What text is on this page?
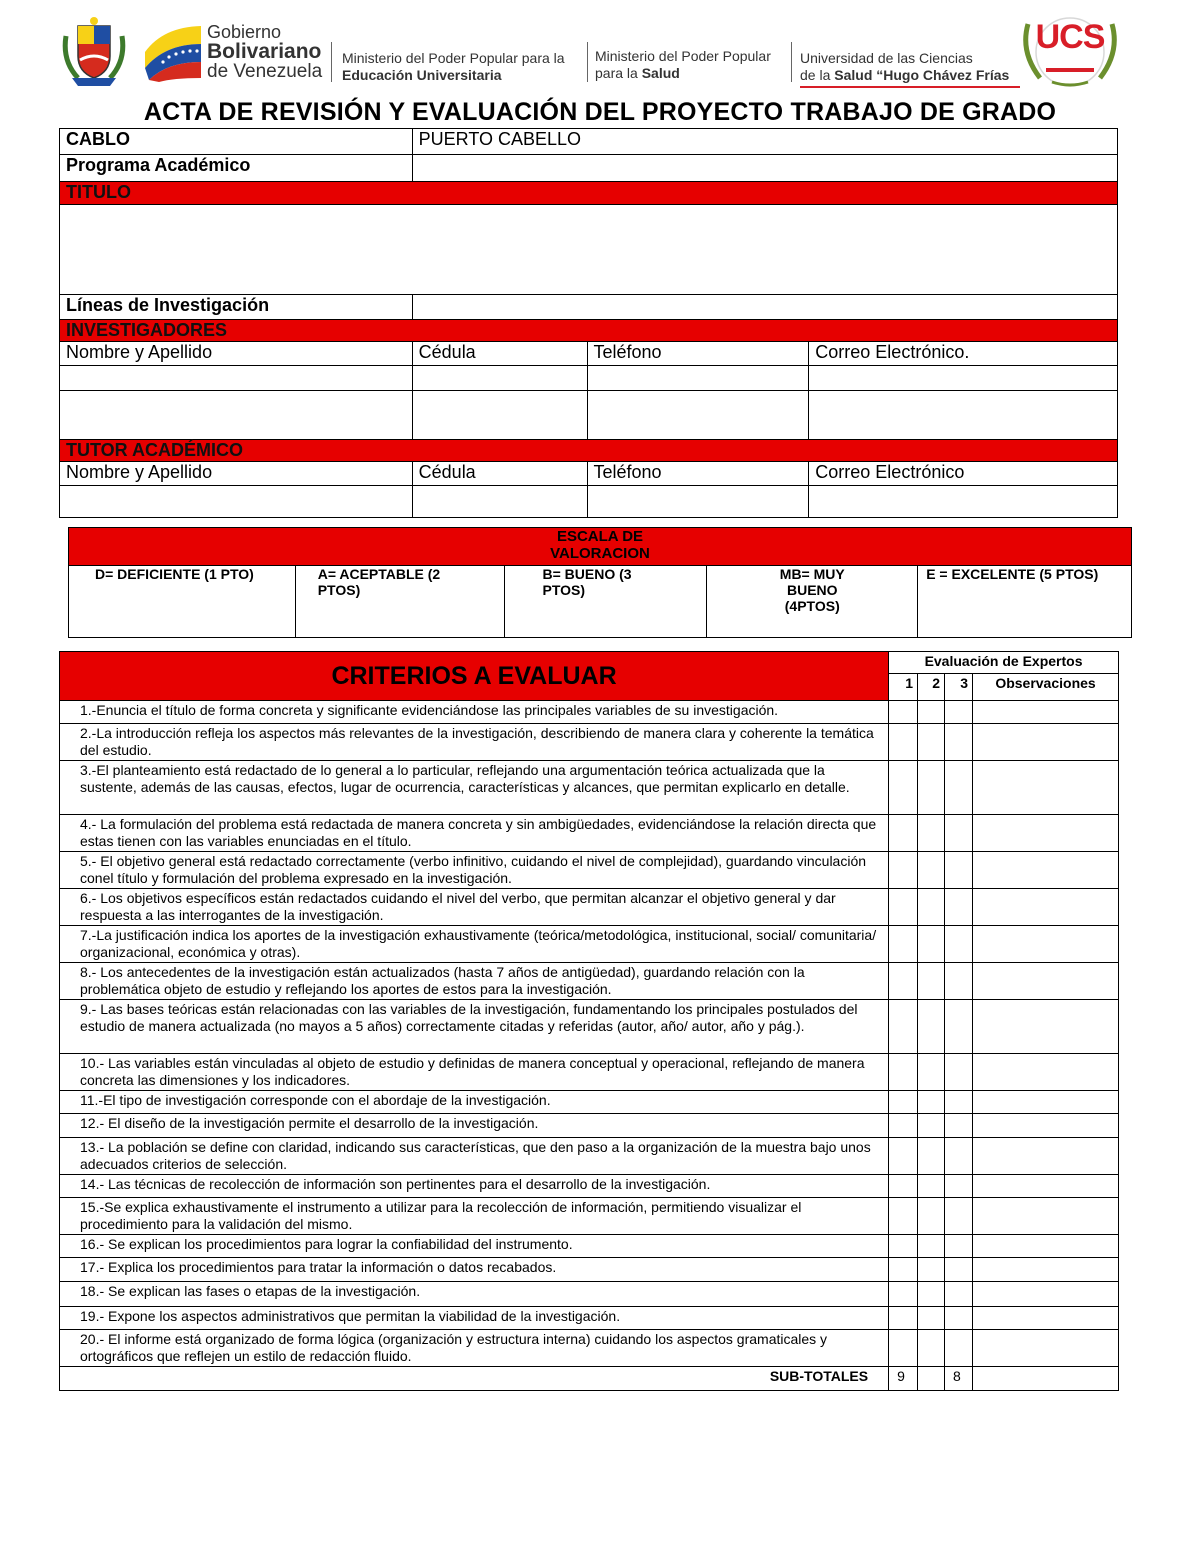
Gobierno
Bolivariano
de Venezuela
Ministerio del Poder Popular para la
Educación Universitaria
Ministerio del Poder Popular
para la Salud
Universidad de las Ciencias
de la Salud “Hugo Chávez Frías
UCS
ACTA DE REVISIÓN Y EVALUACIÓN DEL PROYECTO TRABAJO DE GRADO
CABLO	PUERTO CABELLO		
Programa Académico			
TITULO			

Líneas de Investigación			
INVESTIGADORES			
Nombre y Apellido	Cédula	Teléfono	Correo Electrónico.

TUTOR ACADÉMICO			
Nombre y Apellido	Cédula	Teléfono	Correo Electrónico

ESCALA DE
VALORACION

D= DEFICIENTE (1 PTO)	A= ACEPTABLE (2 PTOS)	B= BUENO (3 PTOS)	MB= MUY BUENO (4PTOS)	E = EXCELENTE (5 PTOS)
CRITERIOS A EVALUAR	Evaluación de Expertos			
	1	2	3	Observaciones
1.-Enuncia el título de forma concreta y significante evidenciándose las principales variables de su investigación.				
2.-La introducción refleja los aspectos más relevantes de la investigación, describiendo de manera clara y coherente la temática del estudio.				
3.-El planteamiento está redactado de lo general a lo particular, reflejando una argumentación teórica actualizada que la sustente, además de las causas, efectos, lugar de ocurrencia, características y alcances, que permitan explicarlo en detalle.				
4.- La formulación del problema está redactada de manera concreta y sin ambigüedades, evidenciándose la relación directa que estas tienen con las variables enunciadas en el título.				
5.- El objetivo general está redactado correctamente (verbo infinitivo, cuidando el nivel de complejidad), guardando vinculación conel título y formulación del problema expresado en la investigación.				
6.- Los objetivos específicos están redactados cuidando el nivel del verbo, que permitan alcanzar el objetivo general y dar respuesta a las interrogantes de la investigación.				
7.-La justificación indica los aportes de la investigación exhaustivamente (teórica/metodológica, institucional, social/ comunitaria/ organizacional, económica y otras).				
8.- Los antecedentes de la investigación están actualizados (hasta 7 años de antigüedad), guardando relación con la problemática objeto de estudio y reflejando los aportes de estos para la investigación.				
9.- Las bases teóricas están relacionadas con las variables de la investigación, fundamentando los principales postulados del estudio de manera actualizada (no mayos a 5 años) correctamente citadas y referidas (autor, año/ autor, año y pág.).				
10.- Las variables están vinculadas al objeto de estudio y definidas de manera conceptual y operacional, reflejando de manera concreta las dimensiones y los indicadores.				
11.-El tipo de investigación corresponde con el abordaje de la investigación.				
12.- El diseño de la investigación permite el desarrollo de la investigación.				
13.- La población se define con claridad, indicando sus características, que den paso a la organización de la muestra bajo unos adecuados criterios de selección.				
14.- Las técnicas de recolección de información son pertinentes para el desarrollo de la investigación.				
15.-Se explica exhaustivamente el instrumento a utilizar para la recolección de información, permitiendo visualizar el procedimiento para la validación del mismo.				
16.- Se explican los procedimientos para lograr la confiabilidad del instrumento.				
17.- Explica los procedimientos para tratar la información o datos recabados.				
18.- Se explican las fases o etapas de la investigación.				
19.- Expone los aspectos administrativos que permitan la viabilidad de la investigación.				
20.- El informe está organizado de forma lógica (organización y estructura interna) cuidando los aspectos gramaticales y ortográficos que reflejen un estilo de redacción fluido.				
SUB-TOTALES	9		8	
